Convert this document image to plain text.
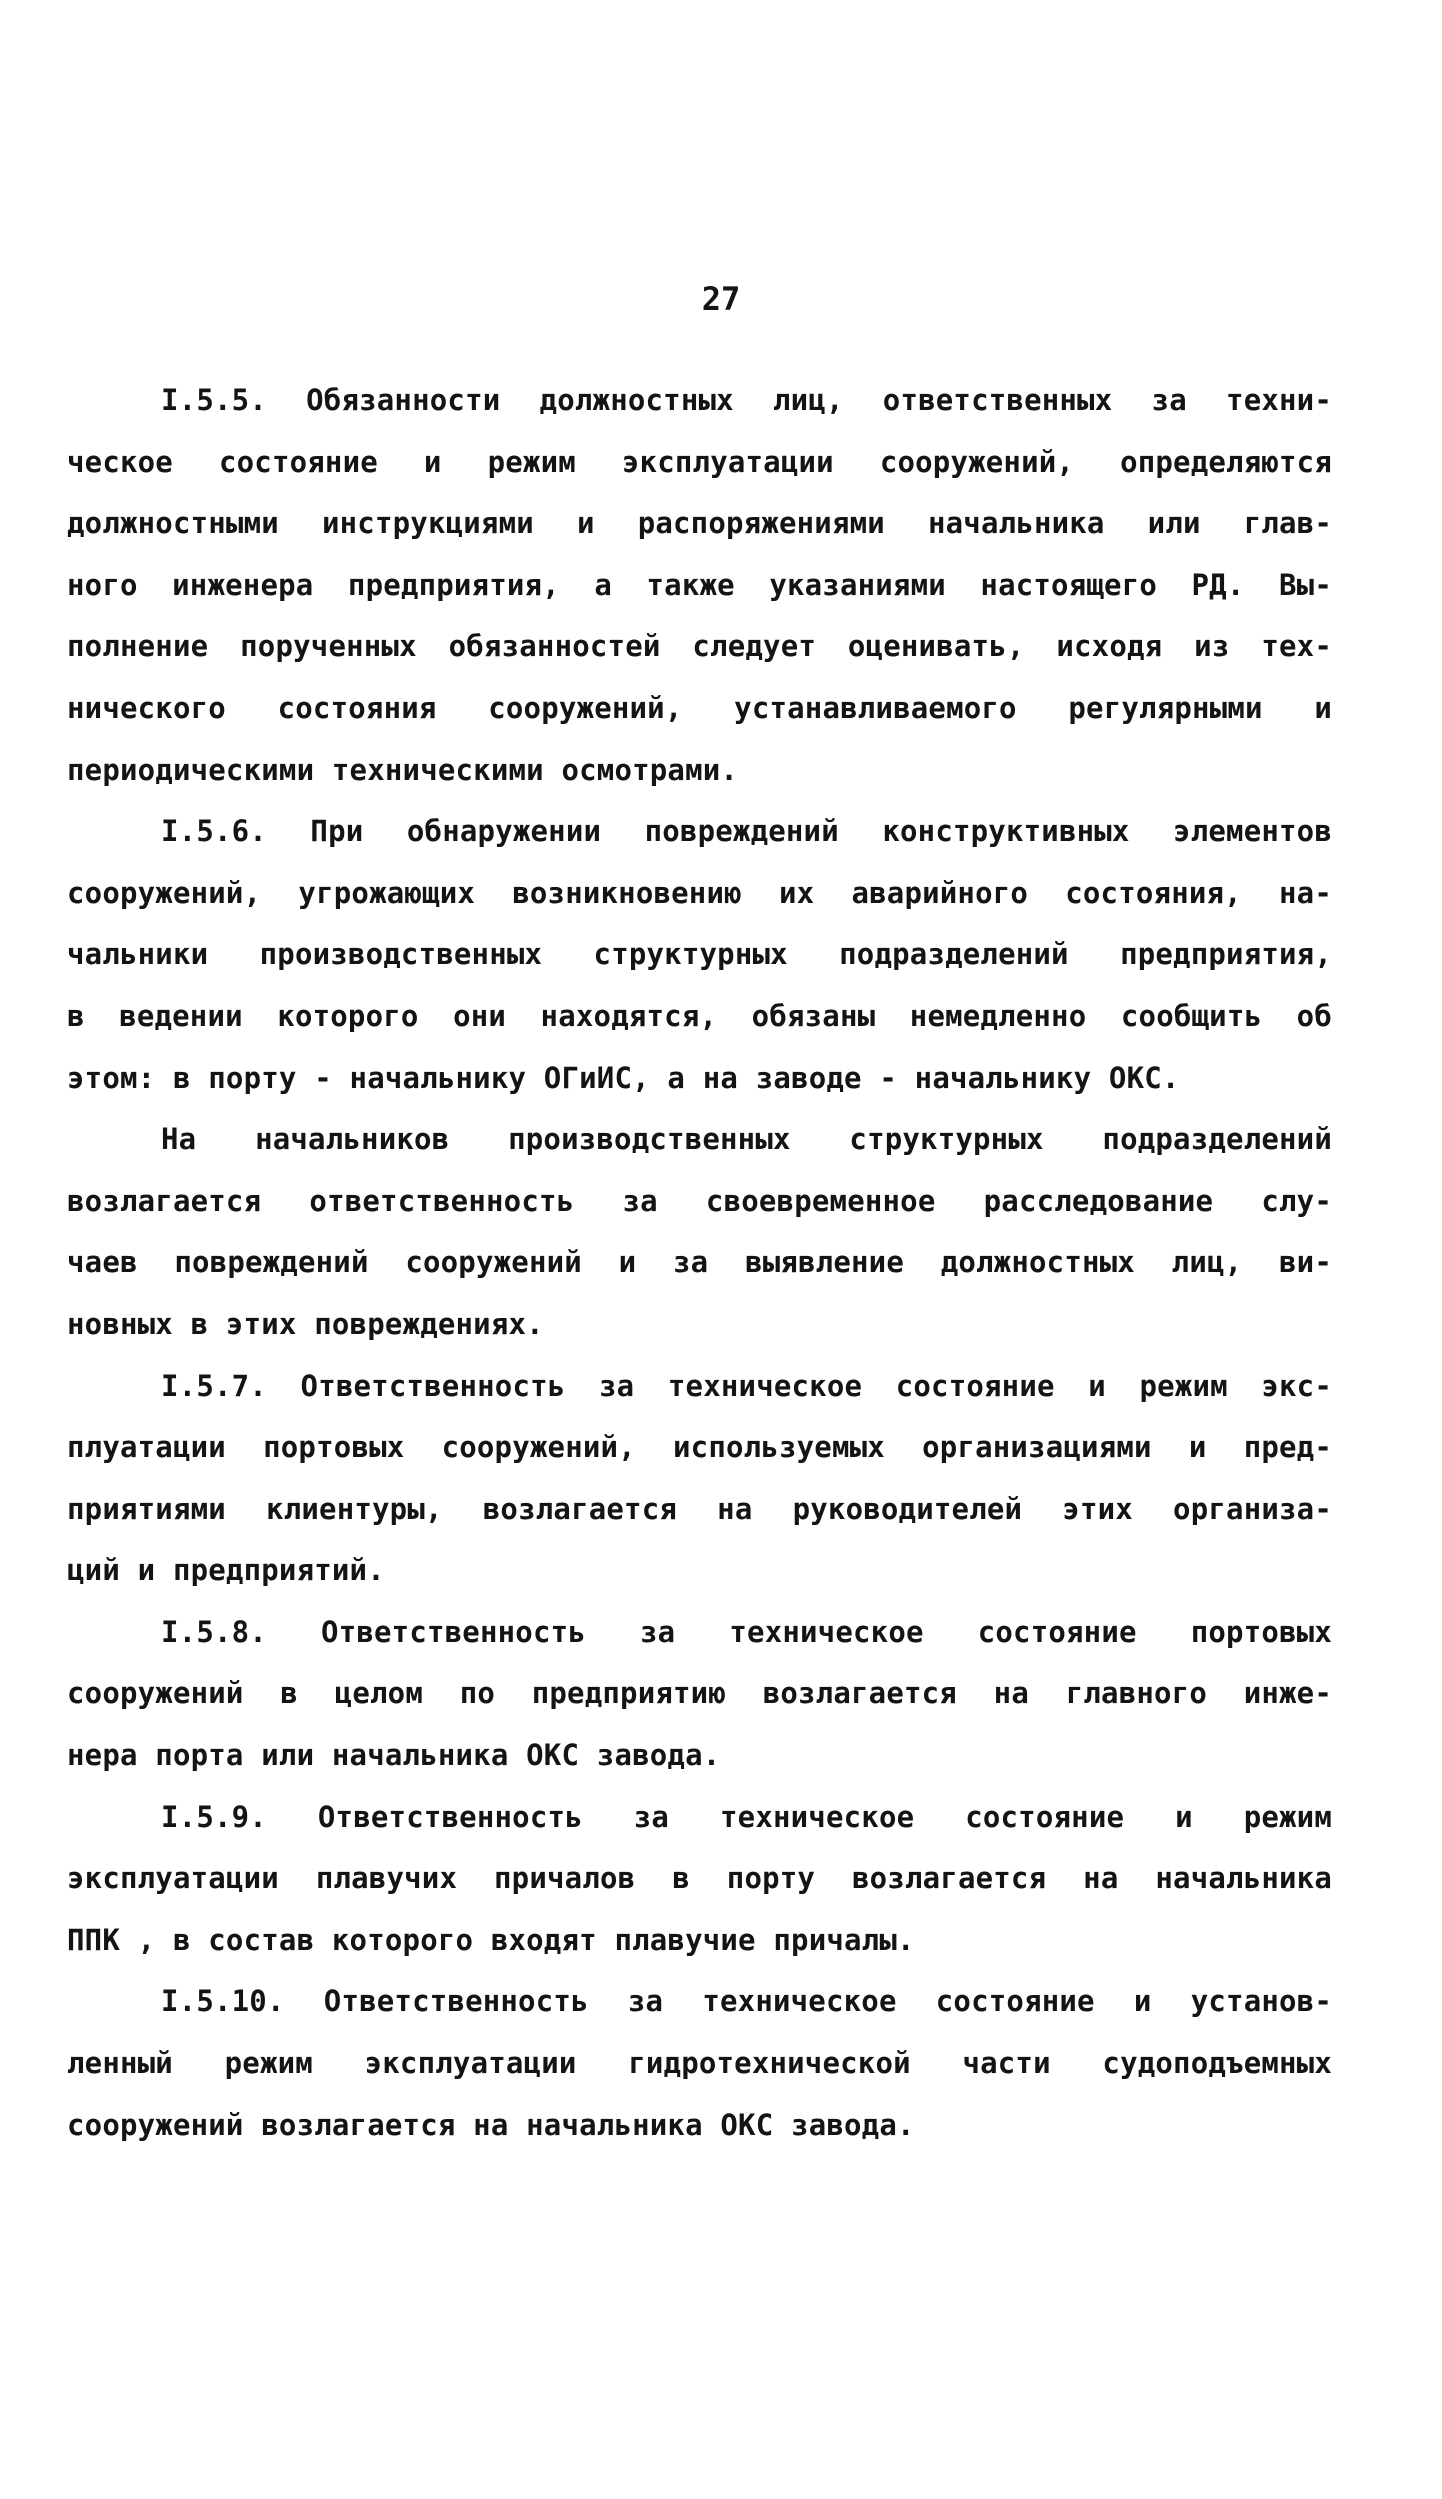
27
I.5.5. Обязанности должностных лиц, ответственных за техни-
ческое состояние и режим эксплуатации сооружений, определяются
должностными инструкциями и распоряжениями начальника или глав-
ного инженера предприятия, а также указаниями настоящего РД. Вы-
полнение порученных обязанностей следует оценивать, исходя из тех-
нического состояния сооружений, устанавливаемого регулярными и
периодическими техническими осмотрами.
I.5.6. При обнаружении повреждений конструктивных элементов
сооружений, угрожающих возникновению их аварийного состояния, на-
чальники производственных структурных подразделений предприятия,
в ведении которого они находятся, обязаны немедленно сообщить об
этом: в порту - начальнику ОГиИС, а на заводе - начальнику ОКС.
На начальников производственных структурных подразделений
возлагается ответственность за своевременное расследование слу-
чаев повреждений сооружений и за выявление должностных лиц, ви-
новных в этих повреждениях.
I.5.7. Ответственность за техническое состояние и режим экс-
плуатации портовых сооружений, используемых организациями и пред-
приятиями клиентуры, возлагается на руководителей этих организа-
ций и предприятий.
I.5.8. Ответственность за техническое состояние портовых
сооружений в целом по предприятию возлагается на главного инже-
нера порта или начальника ОКС завода.
I.5.9. Ответственность за техническое состояние и режим
эксплуатации плавучих причалов в порту возлагается на начальника
ППК , в состав которого входят плавучие причалы.
I.5.10. Ответственность за техническое состояние и установ-
ленный режим эксплуатации гидротехнической части судоподъемных
сооружений возлагается на начальника ОКС завода.
